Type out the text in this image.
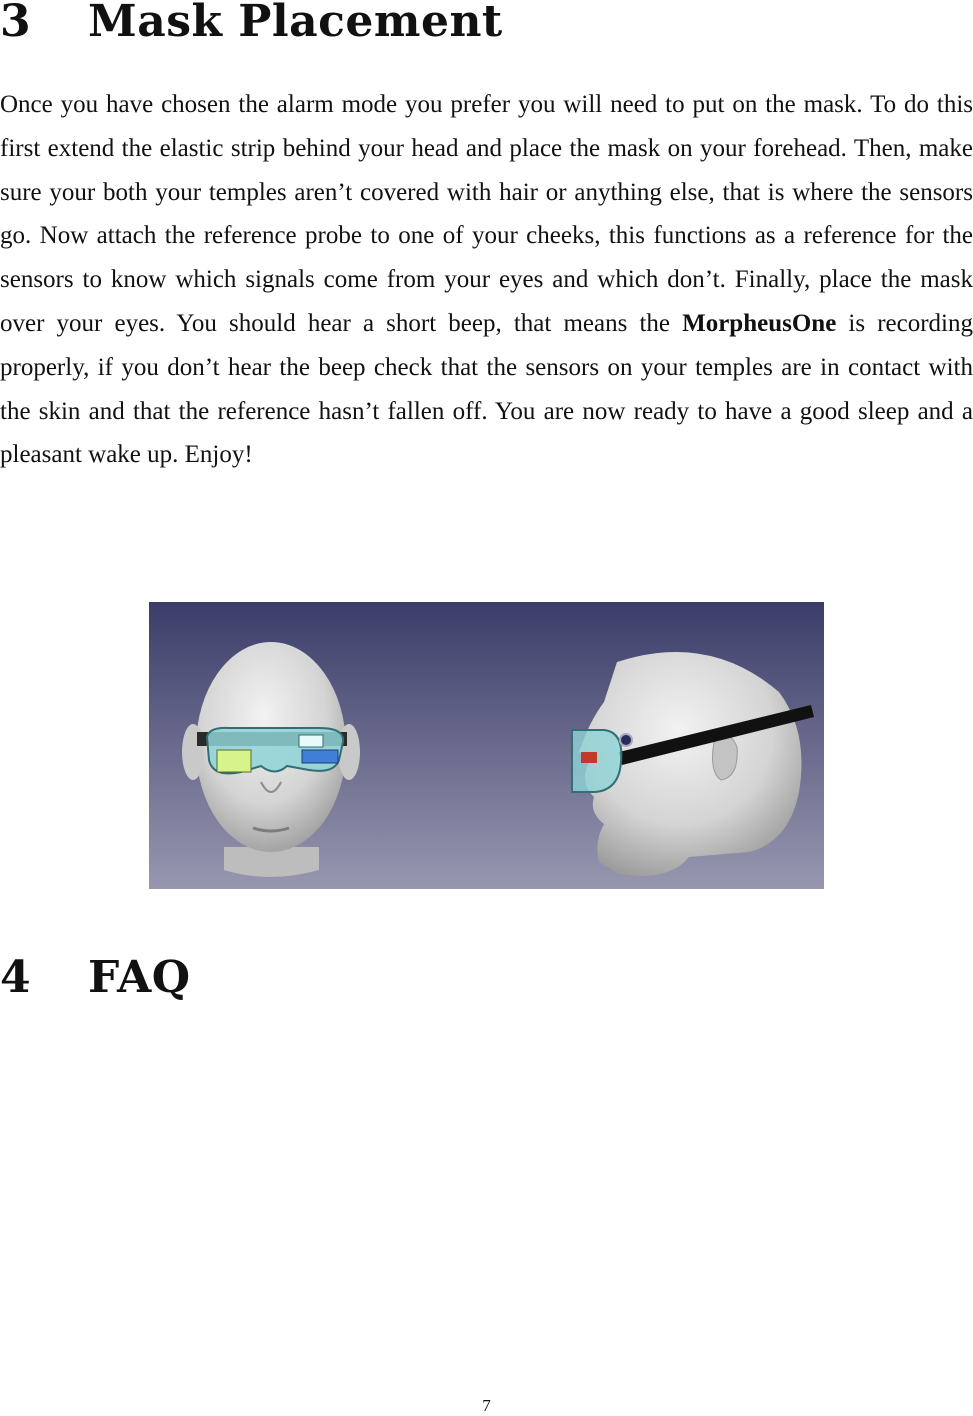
3 Mask Placement

Once you have chosen the alarm mode you prefer you will need to put on the mask. To do this first extend the elastic strip behind your head and place the mask on your forehead. Then, make sure your both your temples aren’t covered with hair or anything else, that is where the sensors go. Now attach the reference probe to one of your cheeks, this functions as a reference for the sensors to know which signals come from your eyes and which don’t. Finally, place the mask over your eyes. You should hear a short beep, that means the MorpheusOne is recording properly, if you don’t hear the beep check that the sensors on your temples are in contact with the skin and that the reference hasn’t fallen off. You are now ready to have a good sleep and a pleasant wake up. Enjoy!

4 FAQ
7
